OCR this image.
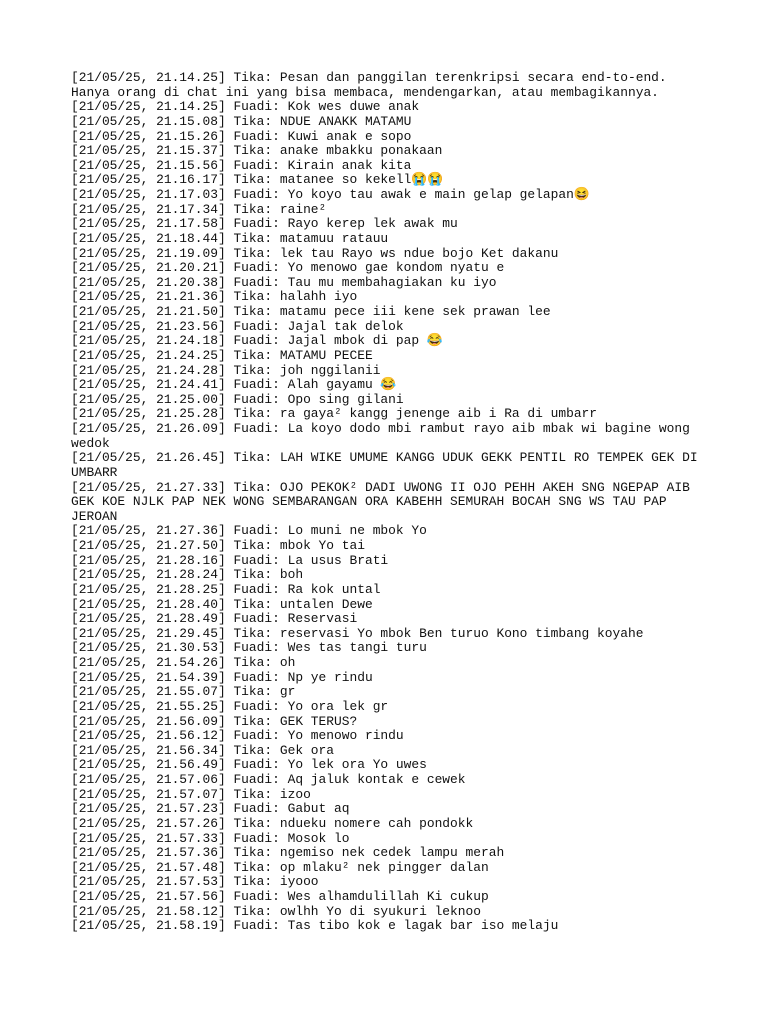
[21/05/25, 21.14.25] Tika: Pesan dan panggilan terenkripsi secara end-to-end. Hanya orang di chat ini yang bisa membaca, mendengarkan, atau membagikannya.

[21/05/25, 21.14.25] Fuadi: Kok wes duwe anak

[21/05/25, 21.15.08] Tika: NDUE ANAKK MATAMU

[21/05/25, 21.15.26] Fuadi: Kuwi anak e sopo

[21/05/25, 21.15.37] Tika: anake mbakku ponakaan

[21/05/25, 21.15.56] Fuadi: Kirain anak kita

[21/05/25, 21.16.17] Tika: matanee so kekell😭😭

[21/05/25, 21.17.03] Fuadi: Yo koyo tau awak e main gelap gelapan😆

[21/05/25, 21.17.34] Tika: raine²

[21/05/25, 21.17.58] Fuadi: Rayo kerep lek awak mu

[21/05/25, 21.18.44] Tika: matamuu ratauu

[21/05/25, 21.19.09] Tika: lek tau Rayo ws ndue bojo Ket dakanu

[21/05/25, 21.20.21] Fuadi: Yo menowo gae kondom nyatu e

[21/05/25, 21.20.38] Fuadi: Tau mu membahagiakan ku iyo

[21/05/25, 21.21.36] Tika: halahh iyo

[21/05/25, 21.21.50] Tika: matamu pece iii kene sek prawan lee

[21/05/25, 21.23.56] Fuadi: Jajal tak delok

[21/05/25, 21.24.18] Fuadi: Jajal mbok di pap 😂

[21/05/25, 21.24.25] Tika: MATAMU PECEE

[21/05/25, 21.24.28] Tika: joh nggilanii

[21/05/25, 21.24.41] Fuadi: Alah gayamu 😂

[21/05/25, 21.25.00] Fuadi: Opo sing gilani

[21/05/25, 21.25.28] Tika: ra gaya² kangg jenenge aib i Ra di umbarr

[21/05/25, 21.26.09] Fuadi: La koyo dodo mbi rambut rayo aib mbak wi bagine wong wedok

[21/05/25, 21.26.45] Tika: LAH WIKE UMUME KANGG UDUK GEKK PENTIL RO TEMPEK GEK DI UMBARR

[21/05/25, 21.27.33] Tika: OJO PEKOK² DADI UWONG II OJO PEHH AKEH SNG NGEPAP AIB GEK KOE NJLK PAP NEK WONG SEMBARANGAN ORA KABEHH SEMURAH BOCAH SNG WS TAU PAP JEROAN

[21/05/25, 21.27.36] Fuadi: Lo muni ne mbok Yo

[21/05/25, 21.27.50] Tika: mbok Yo tai

[21/05/25, 21.28.16] Fuadi: La usus Brati

[21/05/25, 21.28.24] Tika: boh

[21/05/25, 21.28.25] Fuadi: Ra kok untal

[21/05/25, 21.28.40] Tika: untalen Dewe

[21/05/25, 21.28.49] Fuadi: Reservasi

[21/05/25, 21.29.45] Tika: reservasi Yo mbok Ben turuo Kono timbang koyahe

[21/05/25, 21.30.53] Fuadi: Wes tas tangi turu

[21/05/25, 21.54.26] Tika: oh

[21/05/25, 21.54.39] Fuadi: Np ye rindu

[21/05/25, 21.55.07] Tika: gr

[21/05/25, 21.55.25] Fuadi: Yo ora lek gr

[21/05/25, 21.56.09] Tika: GEK TERUS?

[21/05/25, 21.56.12] Fuadi: Yo menowo rindu

[21/05/25, 21.56.34] Tika: Gek ora

[21/05/25, 21.56.49] Fuadi: Yo lek ora Yo uwes

[21/05/25, 21.57.06] Fuadi: Aq jaluk kontak e cewek

[21/05/25, 21.57.07] Tika: izoo

[21/05/25, 21.57.23] Fuadi: Gabut aq

[21/05/25, 21.57.26] Tika: ndueku nomere cah pondokk

[21/05/25, 21.57.33] Fuadi: Mosok lo

[21/05/25, 21.57.36] Tika: ngemiso nek cedek lampu merah

[21/05/25, 21.57.48] Tika: op mlaku² nek pingger dalan

[21/05/25, 21.57.53] Tika: iyooo

[21/05/25, 21.57.56] Fuadi: Wes alhamdulillah Ki cukup

[21/05/25, 21.58.12] Tika: owlhh Yo di syukuri leknoo

[21/05/25, 21.58.19] Fuadi: Tas tibo kok e lagak bar iso melaju
